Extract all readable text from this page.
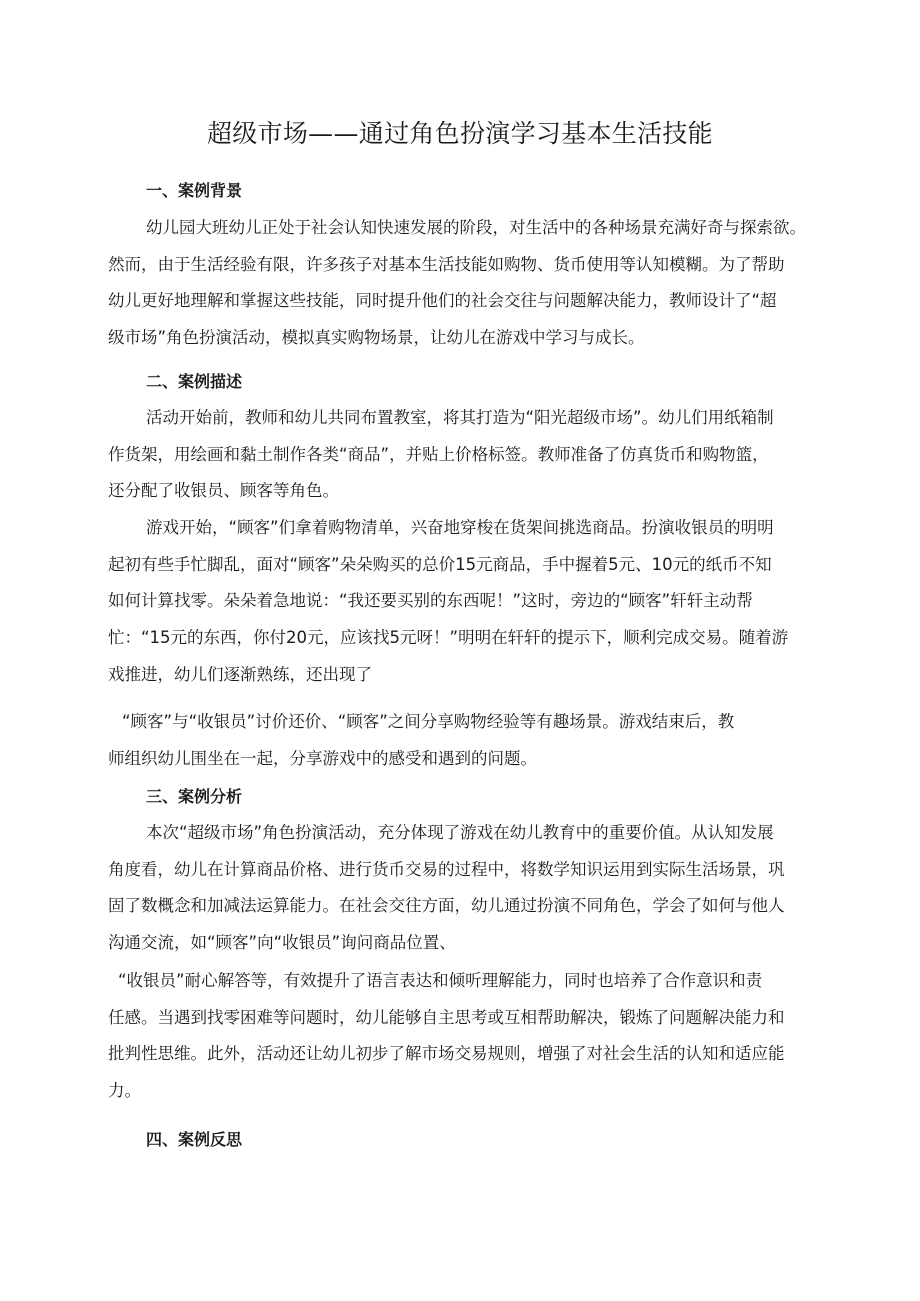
超级市场——通过角色扮演学习基本生活技能
一、案例背景

幼儿园大班幼儿正处于社会认知快速发展的阶段，对生活中的各种场景充满好奇与探索欲。
然而，由于生活经验有限，许多孩子对基本生活技能如购物、货币使用等认知模糊。为了帮助
幼儿更好地理解和掌握这些技能，同时提升他们的社会交往与问题解决能力，教师设计了“超
级市场”角色扮演活动，模拟真实购物场景，让幼儿在游戏中学习与成长。

二、案例描述

活动开始前，教师和幼儿共同布置教室，将其打造为“阳光超级市场”。幼儿们用纸箱制
作货架，用绘画和黏土制作各类“商品”，并贴上价格标签。教师准备了仿真货币和购物篮，
还分配了收银员、顾客等角色。

游戏开始，“顾客”们拿着购物清单，兴奋地穿梭在货架间挑选商品。扮演收银员的明明
起初有些手忙脚乱，面对“顾客”朵朵购买的总价15元商品，手中握着5元、10元的纸币不知
如何计算找零。朵朵着急地说：“我还要买别的东西呢！”这时，旁边的“顾客”轩轩主动帮
忙：“15元的东西，你付20元，应该找5元呀！”明明在轩轩的提示下，顺利完成交易。随着游
戏推进，幼儿们逐渐熟练，还出现了

“顾客”与“收银员”讨价还价、“顾客”之间分享购物经验等有趣场景。游戏结束后，教
师组织幼儿围坐在一起，分享游戏中的感受和遇到的问题。

三、案例分析

本次“超级市场”角色扮演活动，充分体现了游戏在幼儿教育中的重要价值。从认知发展
角度看，幼儿在计算商品价格、进行货币交易的过程中，将数学知识运用到实际生活场景，巩
固了数概念和加减法运算能力。在社会交往方面，幼儿通过扮演不同角色，学会了如何与他人
沟通交流，如“顾客”向“收银员”询问商品位置、

“收银员”耐心解答等，有效提升了语言表达和倾听理解能力，同时也培养了合作意识和责
任感。当遇到找零困难等问题时，幼儿能够自主思考或互相帮助解决，锻炼了问题解决能力和
批判性思维。此外，活动还让幼儿初步了解市场交易规则，增强了对社会生活的认知和适应能
力。

四、案例反思
